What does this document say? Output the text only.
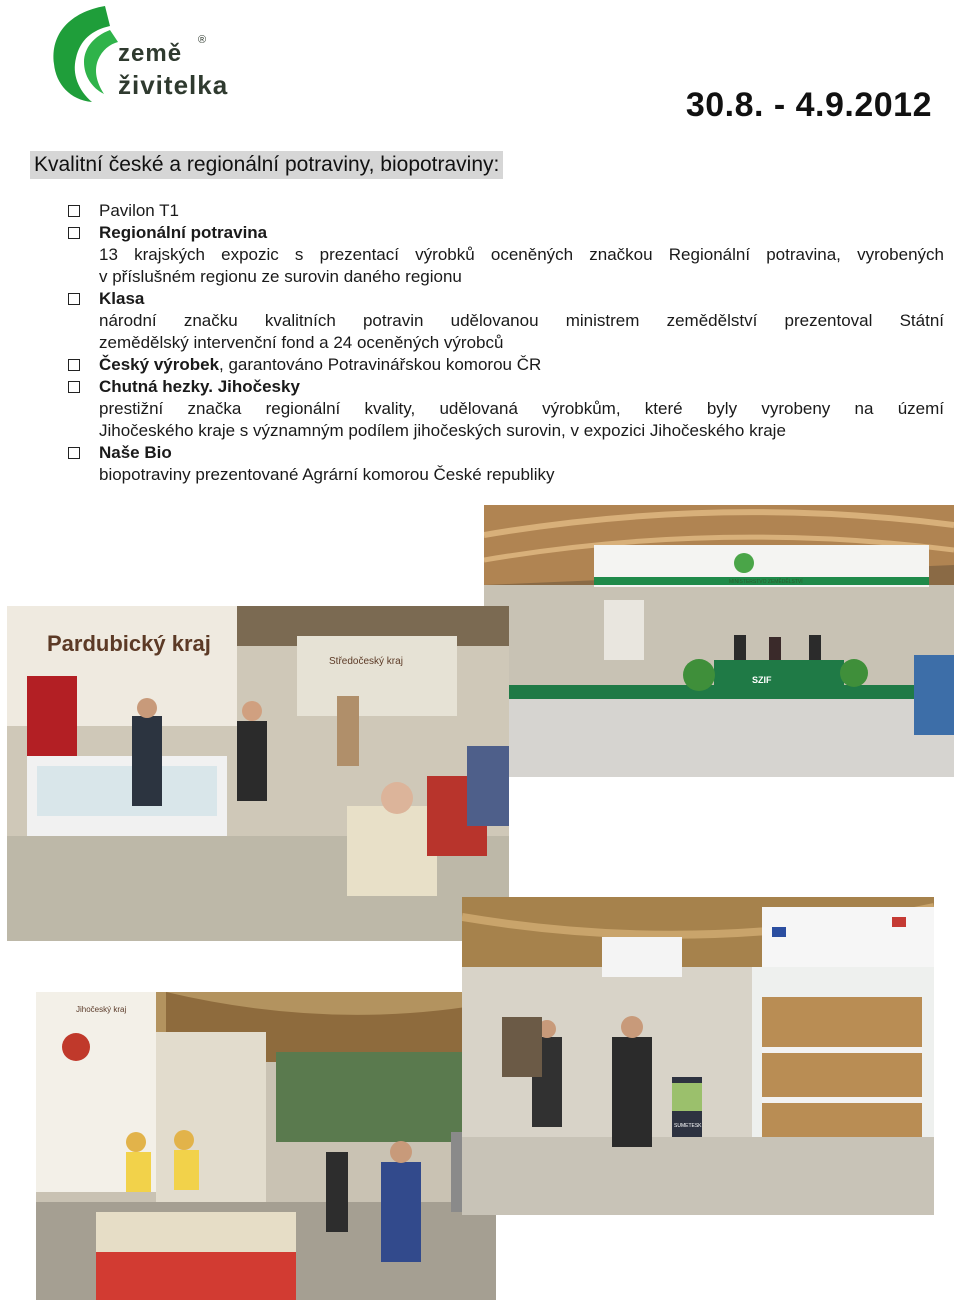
země ®
živitelka
30.8. - 4.9.2012
Kvalitní české a regionální potraviny, biopotraviny:
Pavilon T1
Regionální potravina
13 krajských expozic s prezentací výrobků oceněných značkou Regionální potravina, vyrobených
v příslušném regionu ze surovin daného regionu
Klasa
národní značku kvalitních potravin udělovanou ministrem zemědělství prezentoval Státní
zemědělský intervenční fond a 24 oceněných výrobců
Český výrobek, garantováno Potravinářskou komorou ČR
Chutná hezky. Jihočesky
prestižní značka regionální kvality, udělovaná výrobkům, které byly vyrobeny na území
Jihočeského kraje s významným podílem jihočeských surovin, v expozici Jihočeského kraje
Naše Bio
biopotraviny prezentované Agrární komorou České republiky
MINISTERSTVO ZEMĚDĚLSTVÍ
SZIF
Pardubický kraj
Středočeský kraj
Jihočeský kraj
SUMETESK
